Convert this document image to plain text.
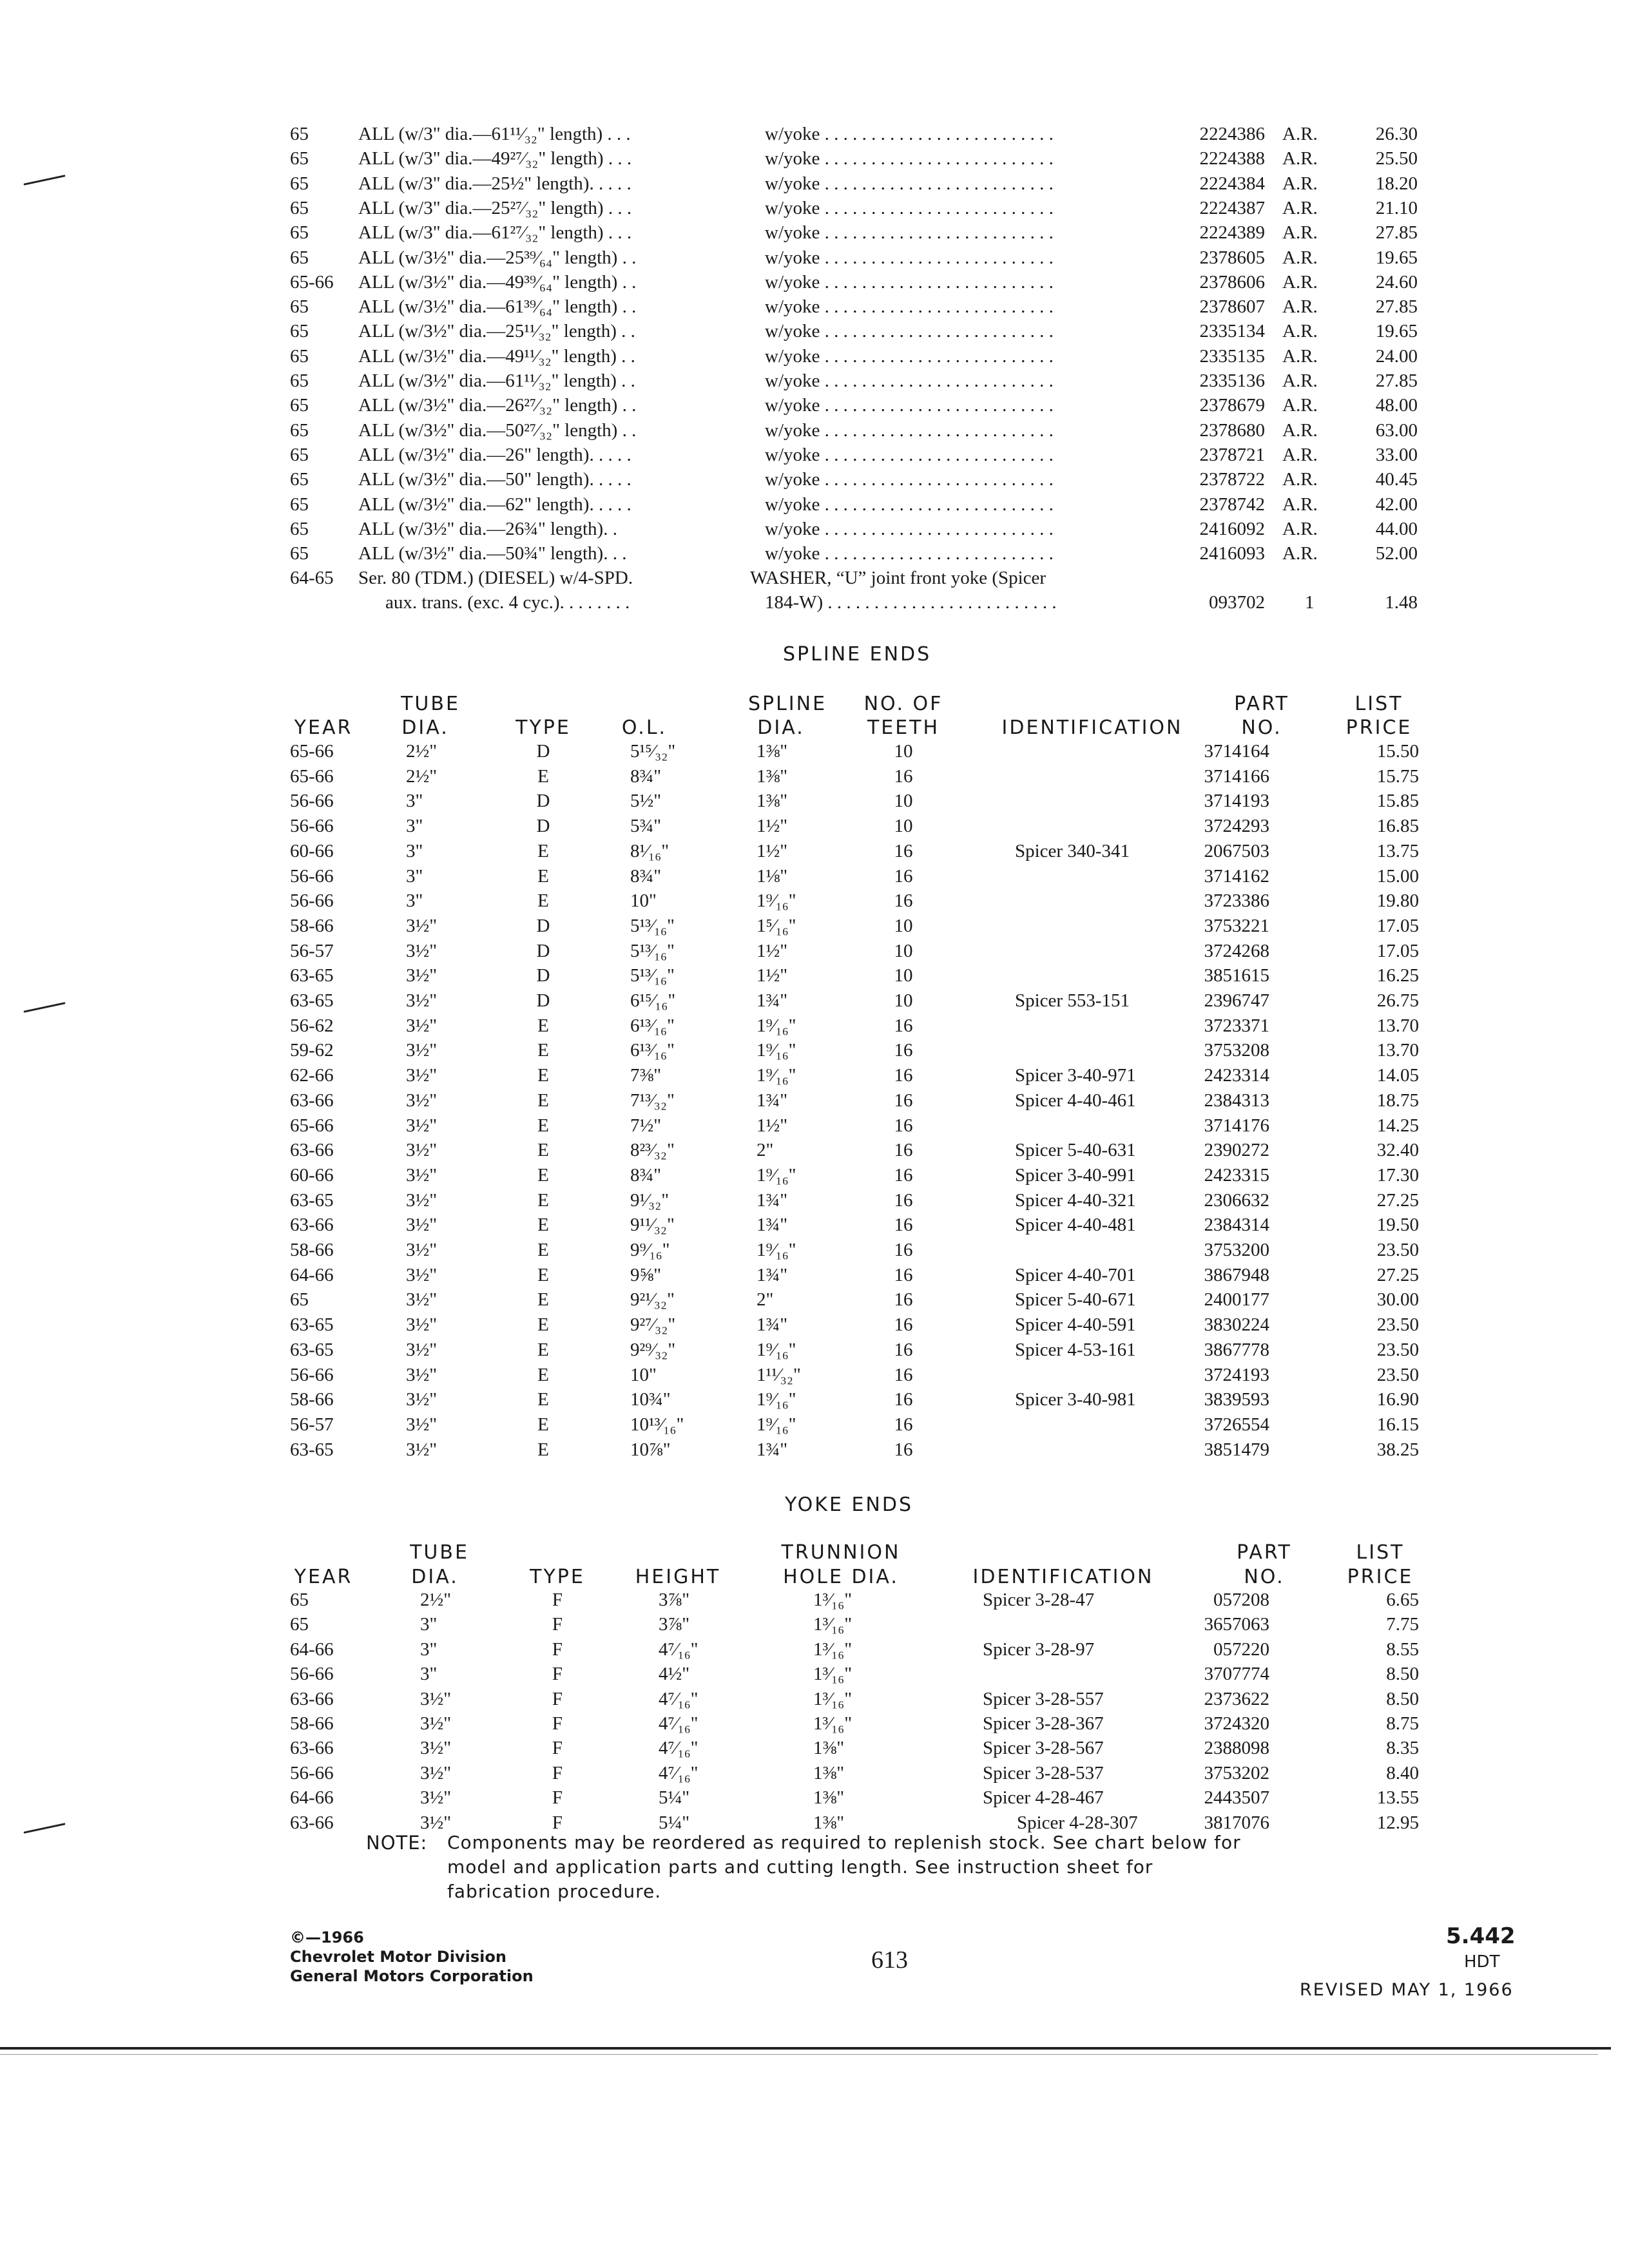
65	ALL (w/3" dia.—61¹¹⁄₃₂" length) . . .	w/yoke . . . . . . . . . . . . . . . . . . . . . . . . .	2224386 A.R.	26.30
65	ALL (w/3" dia.—49²⁷⁄₃₂" length) . . .	w/yoke . . . . . . . . . . . . . . . . . . . . . . . . .	2224388 A.R.	25.50
65	ALL (w/3" dia.—25½" length). . . . .	w/yoke . . . . . . . . . . . . . . . . . . . . . . . . .	2224384 A.R.	18.20
65	ALL (w/3" dia.—25²⁷⁄₃₂" length) . . .	w/yoke . . . . . . . . . . . . . . . . . . . . . . . . .	2224387 A.R.	21.10
65	ALL (w/3" dia.—61²⁷⁄₃₂" length) . . .	w/yoke . . . . . . . . . . . . . . . . . . . . . . . . .	2224389 A.R.	27.85
65	ALL (w/3½" dia.—25³⁹⁄₆₄" length) . .	w/yoke . . . . . . . . . . . . . . . . . . . . . . . . .	2378605 A.R.	19.65
65-66 ALL (w/3½" dia.—49³⁹⁄₆₄" length) . .	w/yoke . . . . . . . . . . . . . . . . . . . . . . . . .	2378606 A.R.	24.60
65	ALL (w/3½" dia.—61³⁹⁄₆₄" length) . .	w/yoke . . . . . . . . . . . . . . . . . . . . . . . . .	2378607 A.R.	27.85
65	ALL (w/3½" dia.—25¹¹⁄₃₂" length) . .	w/yoke . . . . . . . . . . . . . . . . . . . . . . . . .	2335134 A.R.	19.65
65	ALL (w/3½" dia.—49¹¹⁄₃₂" length) . .	w/yoke . . . . . . . . . . . . . . . . . . . . . . . . .	2335135 A.R.	24.00
65	ALL (w/3½" dia.—61¹¹⁄₃₂" length) . .	w/yoke . . . . . . . . . . . . . . . . . . . . . . . . .	2335136 A.R.	27.85
65	ALL (w/3½" dia.—26²⁷⁄₃₂" length) . .	w/yoke . . . . . . . . . . . . . . . . . . . . . . . . .	2378679 A.R.	48.00
65	ALL (w/3½" dia.—50²⁷⁄₃₂" length) . .	w/yoke . . . . . . . . . . . . . . . . . . . . . . . . .	2378680 A.R.	63.00
65	ALL (w/3½" dia.—26" length). . . . .	w/yoke . . . . . . . . . . . . . . . . . . . . . . . . .	2378721 A.R.	33.00
65	ALL (w/3½" dia.—50" length). . . . .	w/yoke . . . . . . . . . . . . . . . . . . . . . . . . .	2378722 A.R.	40.45
65	ALL (w/3½" dia.—62" length). . . . .	w/yoke . . . . . . . . . . . . . . . . . . . . . . . . .	2378742 A.R.	42.00
65	ALL (w/3½" dia.—26¾" length). .	w/yoke . . . . . . . . . . . . . . . . . . . . . . . . .	2416092 A.R.	44.00
65	ALL (w/3½" dia.—50¾" length). . .	w/yoke . . . . . . . . . . . . . . . . . . . . . . . . .	2416093 A.R.	52.00
64-65 Ser. 80 (TDM.) (DIESEL) w/4-SPD.
aux. trans. (exc. 4 cyc.). . . . . . . .
WASHER, “U” joint front yoke (Spicer
184-W) . . . . . . . . . . . . . . . . . . . . . . . . .	093702 1	1.48
SPLINE ENDS
TUBE	SPLINE	NO. OF	PART	LIST
YEAR	DIA.	TYPE	O.L.	DIA.	TEETH	IDENTIFICATION	NO.	PRICE
65-66	2½"	D	5¹⁵⁄₃₂"	1⅜"	10	3714164	15.50
65-66	2½"	E	8¾"	1⅜"	16	3714166	15.75
56-66	3"	D	5½"	1⅜"	10	3714193	15.85
56-66	3"	D	5¾"	1½"	10	3724293	16.85
60-66	3"	E	8¹⁄₁₆"	1½"	16	Spicer 340-341	2067503	13.75
56-66	3"	E	8¾"	1⅛"	16	3714162	15.00
56-66	3"	E	10"	1⁹⁄₁₆"	16	3723386	19.80
58-66	3½"	D	5¹³⁄₁₆"	1⁵⁄₁₆"	10	3753221	17.05
56-57	3½"	D	5¹³⁄₁₆"	1½"	10	3724268	17.05
63-65	3½"	D	5¹³⁄₁₆"	1½"	10	3851615	16.25
63-65	3½"	D	6¹⁵⁄₁₆"	1¾"	10	Spicer 553-151	2396747	26.75
56-62	3½"	E	6¹³⁄₁₆"	1⁹⁄₁₆"	16	3723371	13.70
59-62	3½"	E	6¹³⁄₁₆"	1⁹⁄₁₆"	16	3753208	13.70
62-66	3½"	E	7⅜"	1⁹⁄₁₆"	16	Spicer 3-40-971	2423314	14.05
63-66	3½"	E	7¹³⁄₃₂"	1¾"	16	Spicer 4-40-461	2384313	18.75
65-66	3½"	E	7½"	1½"	16	3714176	14.25
63-66	3½"	E	8²³⁄₃₂"	2"	16	Spicer 5-40-631	2390272	32.40
60-66	3½"	E	8¾"	1⁹⁄₁₆"	16	Spicer 3-40-991	2423315	17.30
63-65	3½"	E	9¹⁄₃₂"	1¾"	16	Spicer 4-40-321	2306632	27.25
63-66	3½"	E	9¹¹⁄₃₂"	1¾"	16	Spicer 4-40-481	2384314	19.50
58-66	3½"	E	9⁹⁄₁₆"	1⁹⁄₁₆"	16	3753200	23.50
64-66	3½"	E	9⅝"	1¾"	16	Spicer 4-40-701	3867948	27.25
65	3½"	E	9²¹⁄₃₂"	2"	16	Spicer 5-40-671	2400177	30.00
63-65	3½"	E	9²⁷⁄₃₂"	1¾"	16	Spicer 4-40-591	3830224	23.50
63-65	3½"	E	9²⁹⁄₃₂"	1⁹⁄₁₆"	16	Spicer 4-53-161	3867778	23.50
56-66	3½"	E	10"	1¹¹⁄₃₂"	16	3724193	23.50
58-66	3½"	E	10¾"	1⁹⁄₁₆"	16	Spicer 3-40-981	3839593	16.90
56-57	3½"	E	10¹³⁄₁₆"	1⁹⁄₁₆"	16	3726554	16.15
63-65	3½"	E	10⅞"	1¾"	16	3851479	38.25
YOKE ENDS
TUBE	TRUNNION	PART	LIST
YEAR	DIA.	TYPE	HEIGHT	HOLE DIA.	IDENTIFICATION	NO.	PRICE
65	2½"	F	3⅞"	1³⁄₁₆"	Spicer 3-28-47	057208	6.65
65	3"	F	3⅞"	1³⁄₁₆"	3657063	7.75
64-66	3"	F	4⁷⁄₁₆"	1³⁄₁₆"	Spicer 3-28-97	057220	8.55
56-66	3"	F	4½"	1³⁄₁₆"	3707774	8.50
63-66	3½"	F	4⁷⁄₁₆"	1³⁄₁₆"	Spicer 3-28-557	2373622	8.50
58-66	3½"	F	4⁷⁄₁₆"	1³⁄₁₆"	Spicer 3-28-367	3724320	8.75
63-66	3½"	F	4⁷⁄₁₆"	1⅜"	Spicer 3-28-567	2388098	8.35
56-66	3½"	F	4⁷⁄₁₆"	1⅜"	Spicer 3-28-537	3753202	8.40
64-66	3½"	F	5¼"	1⅜"	Spicer 4-28-467	2443507	13.55
63-66	3½"	F	5¼"	1⅜"	Spicer 4-28-307	3817076	12.95
NOTE: Components may be reordered as required to replenish stock. See chart below for
model and application parts and cutting length. See instruction sheet for
fabrication procedure.
©—1966
Chevrolet Motor Division
General Motors Corporation
613
5.442
HDT
REVISED MAY 1, 1966
